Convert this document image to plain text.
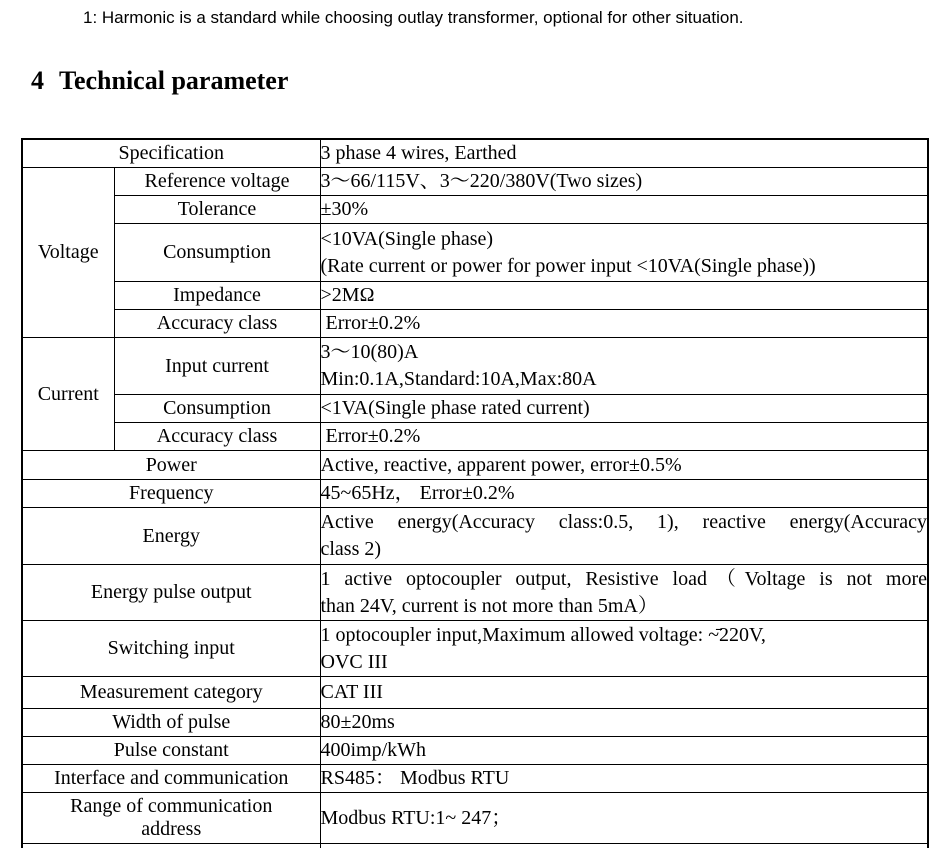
1: Harmonic is a standard while choosing outlay transformer, optional for other situation.
4 Technical parameter
Specification		3 phase 4 wires, Earthed

Voltage	Reference voltage	3～66/115V、3～220/380V(Two sizes)

	Tolerance	±30%

	Consumption	<10VA(Single phase)
(Rate current or power for power input <10VA(Single phase))

	Impedance	>2MΩ

	Accuracy class	Error±0.2%

Current	Input current	3～10(80)A
Min:0.1A,Standard:10A,Max:80A

	Consumption	<1VA(Single phase rated current)

	Accuracy class	Error±0.2%

Power		Active, reactive, apparent power, error±0.5%

Frequency		45~65Hz， Error±0.2%

Energy		Active energy(Accuracy class:0.5, 1), reactive energy(Accuracy
class 2)

Energy pulse output		1 active optocoupler output, Resistive load（Voltage is not more
than 24V, current is not more than 5mA）

Switching input		1 optocoupler input,Maximum allowed voltage: ~̄220V,
OVC III

Measurement category		CAT III

Width of pulse		80±20ms

Pulse constant		400imp/kWh

Interface and communication		RS485： Modbus RTU

Range of communication address		Modbus RTU:1~ 247；
